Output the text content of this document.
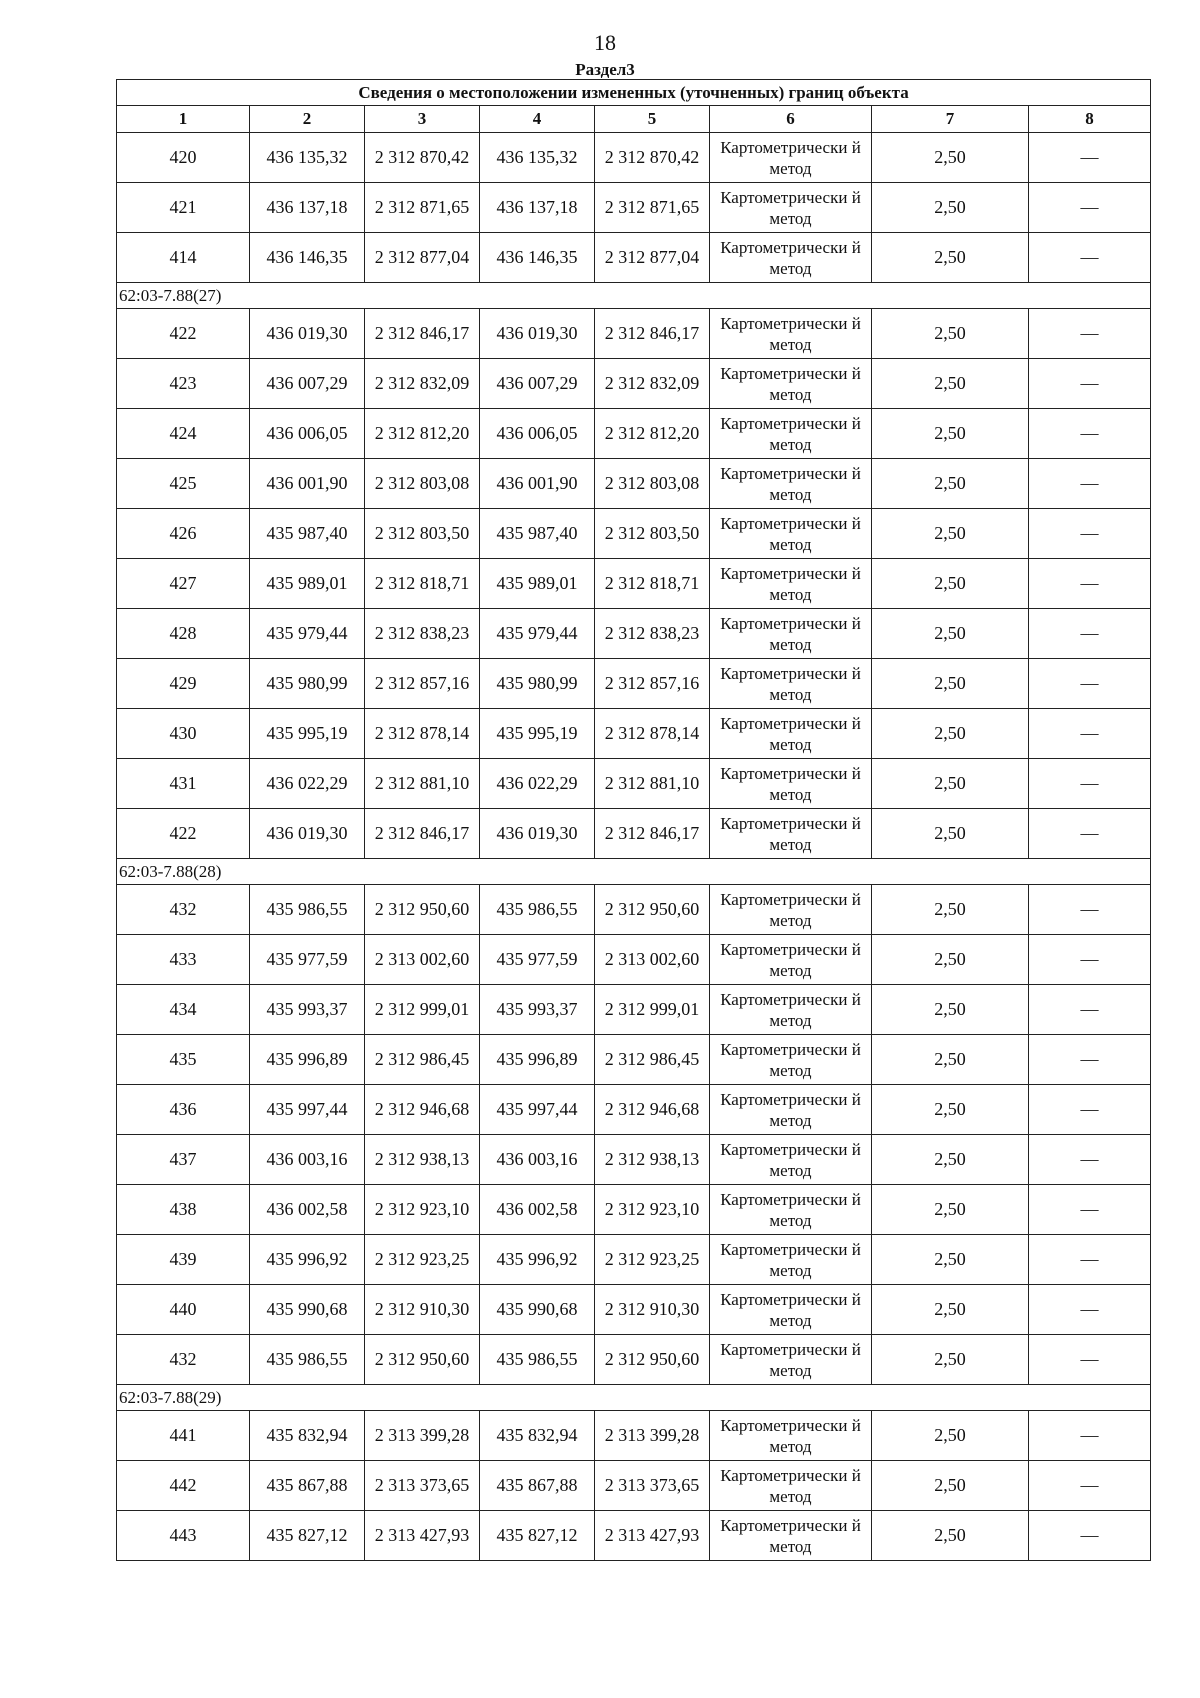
18
Раздел3
Сведения о местоположении измененных (уточненных) границ объекта							
1	2	3	4	5	6	7	8
420	436 135,32	2 312 870,42	436 135,32	2 312 870,42	Картометрически й метод	2,50	—
421	436 137,18	2 312 871,65	436 137,18	2 312 871,65	Картометрически й метод	2,50	—
414	436 146,35	2 312 877,04	436 146,35	2 312 877,04	Картометрически й метод	2,50	—
62:03-7.88(27)							
422	436 019,30	2 312 846,17	436 019,30	2 312 846,17	Картометрически й метод	2,50	—
423	436 007,29	2 312 832,09	436 007,29	2 312 832,09	Картометрически й метод	2,50	—
424	436 006,05	2 312 812,20	436 006,05	2 312 812,20	Картометрически й метод	2,50	—
425	436 001,90	2 312 803,08	436 001,90	2 312 803,08	Картометрически й метод	2,50	—
426	435 987,40	2 312 803,50	435 987,40	2 312 803,50	Картометрически й метод	2,50	—
427	435 989,01	2 312 818,71	435 989,01	2 312 818,71	Картометрически й метод	2,50	—
428	435 979,44	2 312 838,23	435 979,44	2 312 838,23	Картометрически й метод	2,50	—
429	435 980,99	2 312 857,16	435 980,99	2 312 857,16	Картометрически й метод	2,50	—
430	435 995,19	2 312 878,14	435 995,19	2 312 878,14	Картометрически й метод	2,50	—
431	436 022,29	2 312 881,10	436 022,29	2 312 881,10	Картометрически й метод	2,50	—
422	436 019,30	2 312 846,17	436 019,30	2 312 846,17	Картометрически й метод	2,50	—
62:03-7.88(28)							
432	435 986,55	2 312 950,60	435 986,55	2 312 950,60	Картометрически й метод	2,50	—
433	435 977,59	2 313 002,60	435 977,59	2 313 002,60	Картометрически й метод	2,50	—
434	435 993,37	2 312 999,01	435 993,37	2 312 999,01	Картометрически й метод	2,50	—
435	435 996,89	2 312 986,45	435 996,89	2 312 986,45	Картометрически й метод	2,50	—
436	435 997,44	2 312 946,68	435 997,44	2 312 946,68	Картометрически й метод	2,50	—
437	436 003,16	2 312 938,13	436 003,16	2 312 938,13	Картометрически й метод	2,50	—
438	436 002,58	2 312 923,10	436 002,58	2 312 923,10	Картометрически й метод	2,50	—
439	435 996,92	2 312 923,25	435 996,92	2 312 923,25	Картометрически й метод	2,50	—
440	435 990,68	2 312 910,30	435 990,68	2 312 910,30	Картометрически й метод	2,50	—
432	435 986,55	2 312 950,60	435 986,55	2 312 950,60	Картометрически й метод	2,50	—
62:03-7.88(29)							
441	435 832,94	2 313 399,28	435 832,94	2 313 399,28	Картометрически й метод	2,50	—
442	435 867,88	2 313 373,65	435 867,88	2 313 373,65	Картометрически й метод	2,50	—
443	435 827,12	2 313 427,93	435 827,12	2 313 427,93	Картометрически й метод	2,50	—
